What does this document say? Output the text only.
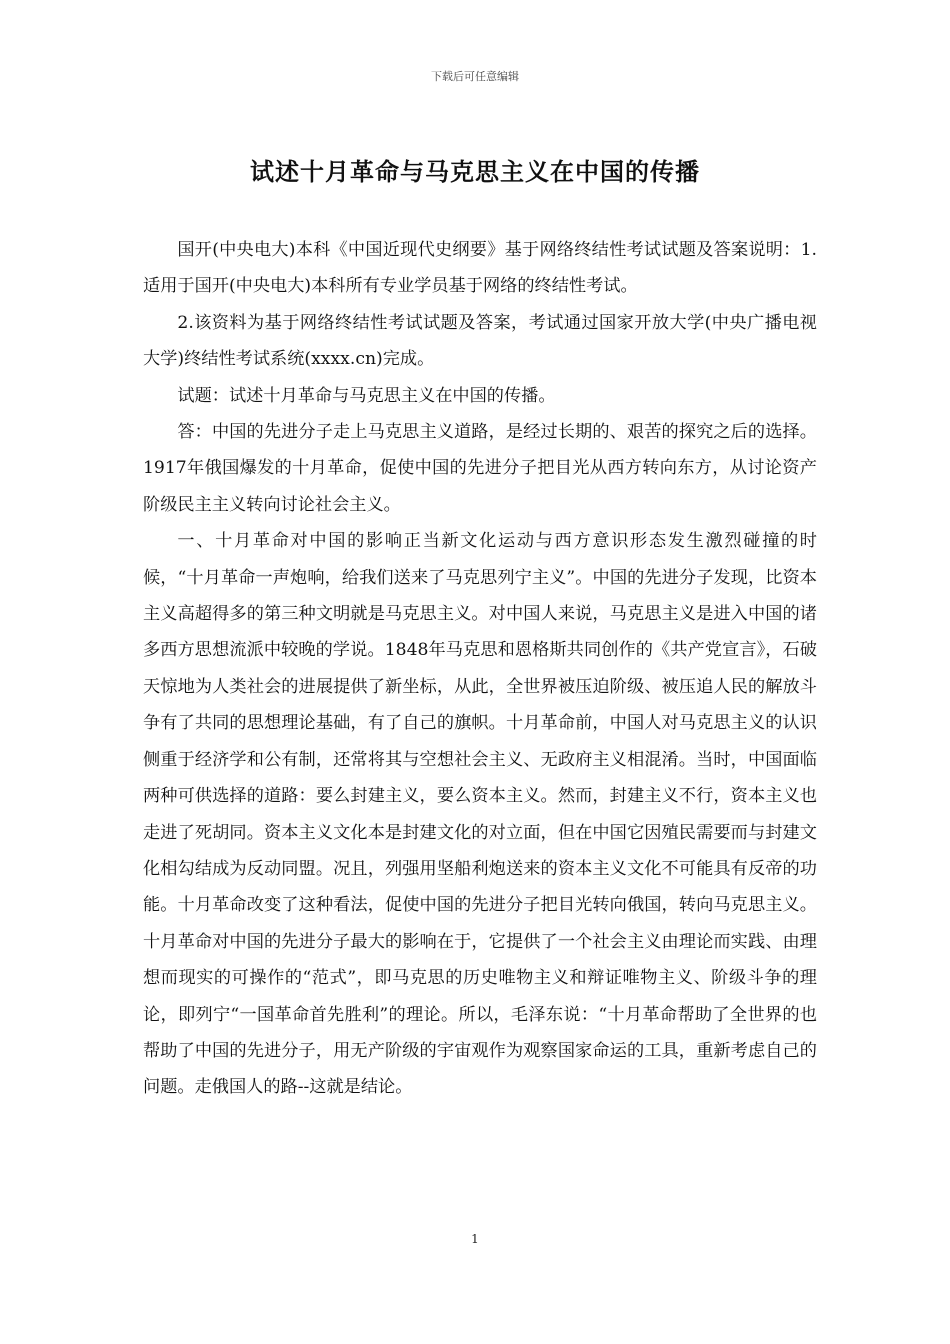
下载后可任意编辑
试述十月革命与马克思主义在中国的传播

国开(中央电大)本科《中国近现代史纲要》基于网络终结性考试试题及答案说明：1.适用于国开(中央电大)本科所有专业学员基于网络的终结性考试。

2.该资料为基于网络终结性考试试题及答案，考试通过国家开放大学(中央广播电视大学)终结性考试系统(xxxx.cn)完成。

试题：试述十月革命与马克思主义在中国的传播。

答：中国的先进分子走上马克思主义道路，是经过长期的、艰苦的探究之后的选择。1917年俄国爆发的十月革命，促使中国的先进分子把目光从西方转向东方，从讨论资产阶级民主主义转向讨论社会主义。

一、十月革命对中国的影响正当新文化运动与西方意识形态发生激烈碰撞的时候，“十月革命一声炮响，给我们送来了马克思列宁主义”。中国的先进分子发现，比资本主义高超得多的第三种文明就是马克思主义。对中国人来说，马克思主义是进入中国的诸多西方思想流派中较晚的学说。1848年马克思和恩格斯共同创作的《共产党宣言》，石破天惊地为人类社会的进展提供了新坐标，从此，全世界被压迫阶级、被压追人民的解放斗争有了共同的思想理论基础，有了自己的旗帜。十月革命前，中国人对马克思主义的认识侧重于经济学和公有制，还常将其与空想社会主义、无政府主义相混淆。当时，中国面临两种可供选择的道路：要么封建主义，要么资本主义。然而，封建主义不行，资本主义也走进了死胡同。资本主义文化本是封建文化的对立面，但在中国它因殖民需要而与封建文化相勾结成为反动同盟。况且，列强用坚船利炮送来的资本主义文化不可能具有反帝的功能。十月革命改变了这种看法，促使中国的先进分子把目光转向俄国，转向马克思主义。十月革命对中国的先进分子最大的影响在于，它提供了一个社会主义由理论而实践、由理想而现实的可操作的“范式”，即马克思的历史唯物主义和辩证唯物主义、阶级斗争的理论，即列宁“一国革命首先胜利”的理论。所以，毛泽东说：“十月革命帮助了全世界的也帮助了中国的先进分子，用无产阶级的宇宙观作为观察国家命运的工具，重新考虑自己的问题。走俄国人的路--这就是结论。

1
